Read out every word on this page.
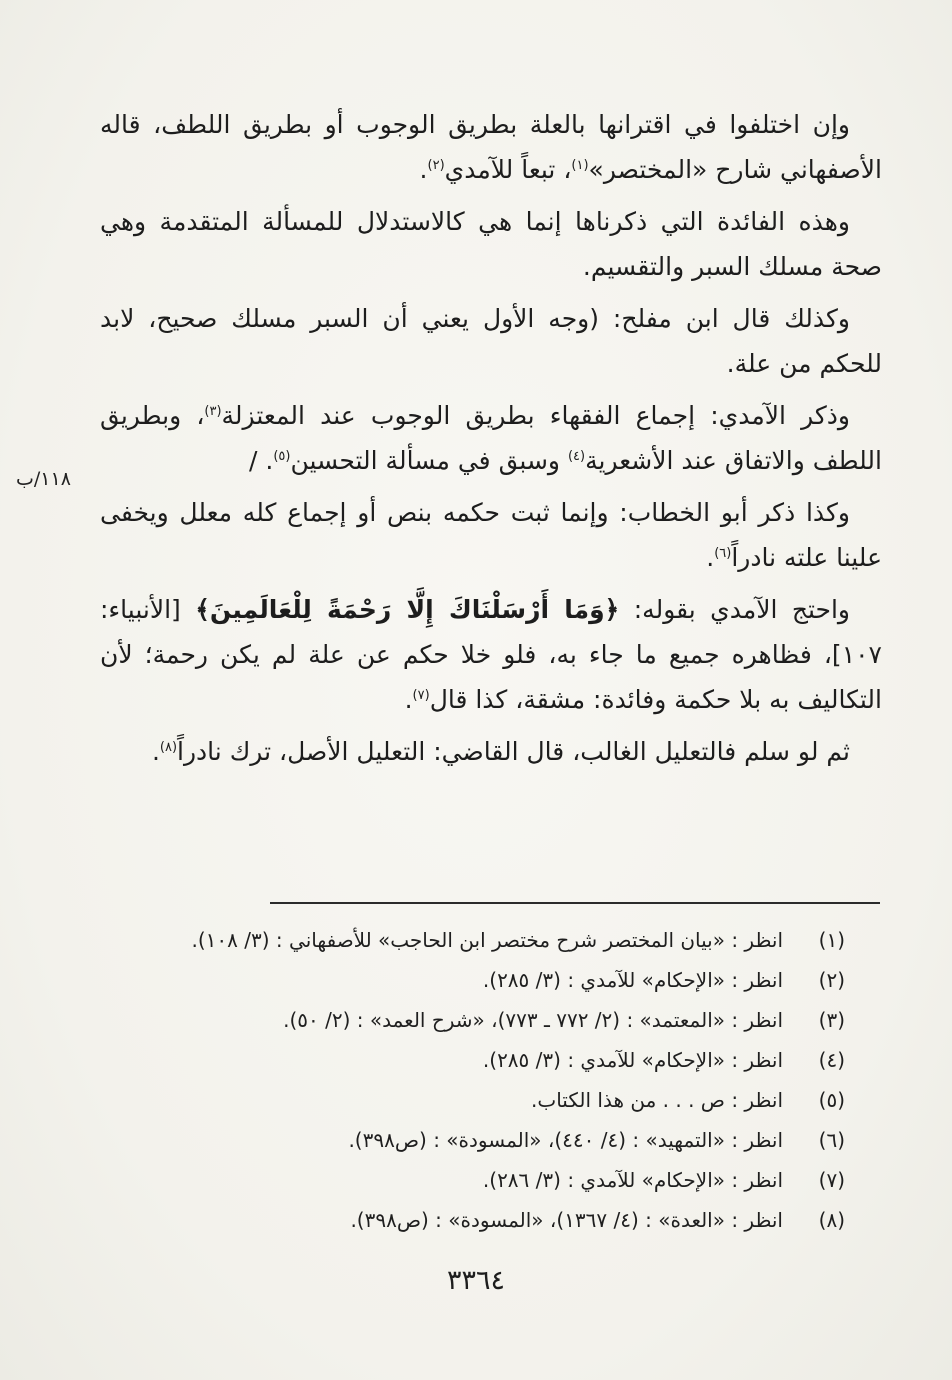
١١٨/ب

وإن اختلفوا في اقترانها بالعلة بطريق الوجوب أو بطريق اللطف، قاله الأصفهاني شارح «المختصر»$^{(١)}$، تبعاً للآمدي$^{(٢)}$.

وهذه الفائدة التي ذكرناها إنما هي كالاستدلال للمسألة المتقدمة وهي صحة مسلك السبر والتقسيم.

وكذلك قال ابن مفلح: (وجه الأول يعني أن السبر مسلك صحيح، لابد للحكم من علة.

وذكر الآمدي: إجماع الفقهاء بطريق الوجوب عند المعتزلة$^{(٣)}$، وبطريق اللطف والاتفاق عند الأشعرية$^{(٤)}$ وسبق في مسألة التحسين$^{(٥)}$. /

وكذا ذكر أبو الخطاب: وإنما ثبت حكمه بنص أو إجماع كله معلل ويخفى علينا علته نادراً$^{(٦)}$.

واحتج الآمدي بقوله: ﴿وَمَا أَرْسَلْنَاكَ إِلَّا رَحْمَةً لِلْعَالَمِينَ﴾ [الأنبياء: ١٠٧]، فظاهره جميع ما جاء به، فلو خلا حكم عن علة لم يكن رحمة؛ لأن التكاليف به بلا حكمة وفائدة: مشقة، كذا قال$^{(٧)}$.

ثم لو سلم فالتعليل الغالب، قال القاضي: التعليل الأصل، ترك نادراً$^{(٨)}$.

(١)
انظر : «بيان المختصر شرح مختصر ابن الحاجب» للأصفهاني : (٣/ ١٠٨).
(٢)
انظر : «الإحكام» للآمدي : (٣/ ٢٨٥).
(٣)
انظر : «المعتمد» : (٢/ ٧٧٢ ـ ٧٧٣)، «شرح العمد» : (٢/ ٥٠).
(٤)
انظر : «الإحكام» للآمدي : (٣/ ٢٨٥).
(٥)
انظر : ص . . . من هذا الكتاب.
(٦)
انظر : «التمهيد» : (٤/ ٤٤٠)، «المسودة» : (ص٣٩٨).
(٧)
انظر : «الإحكام» للآمدي : (٣/ ٢٨٦).
(٨)
انظر : «العدة» : (٤/ ١٣٦٧)، «المسودة» : (ص٣٩٨).
٣٣٦٤
